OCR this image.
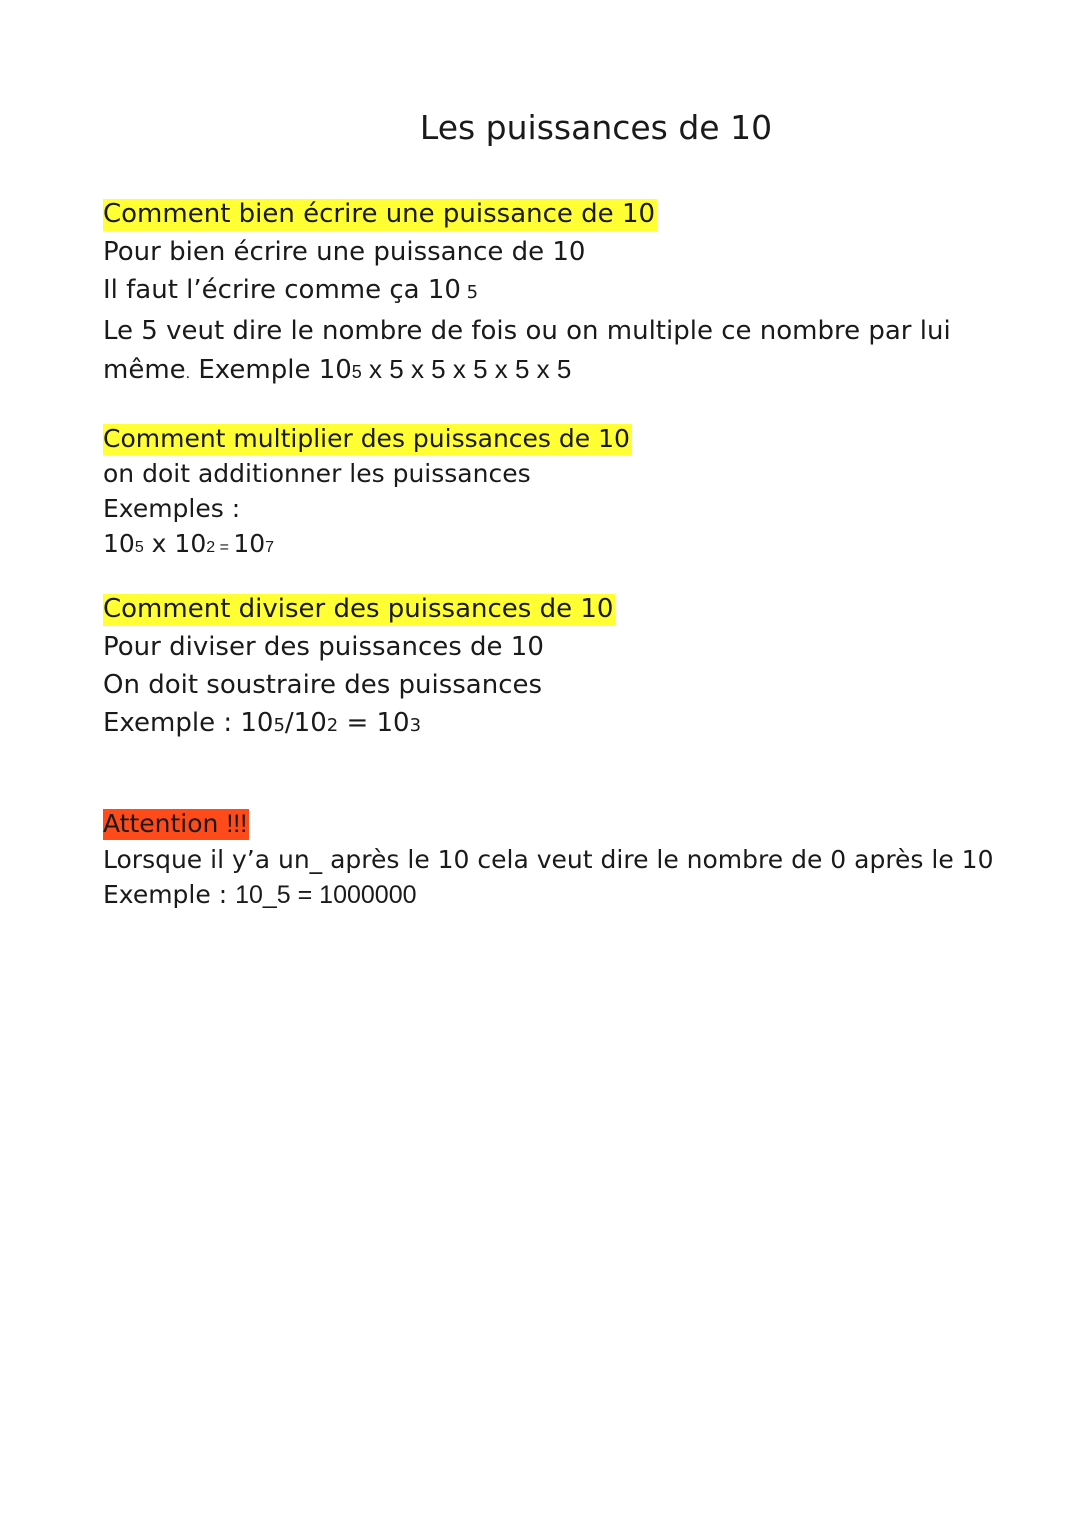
Les puissances de 10

Comment bien écrire une puissance de 10

Pour bien écrire une puissance de 10

Il faut l’écrire comme ça 10 5

Le 5 veut dire le nombre de fois ou on multiple ce nombre par lui

même. Exemple 105 x 5 x 5 x 5 x 5 x 5

Comment multiplier des puissances de 10

on doit additionner les puissances

Exemples :

105 x 102 = 107

Comment diviser des puissances de 10

Pour diviser des puissances de 10

On doit soustraire des puissances

Exemple : 105/102 = 103

Attention !!!

Lorsque il y’a un_ après le 10 cela veut dire le nombre de 0 après le 10

Exemple : 10_5 = 1000000
